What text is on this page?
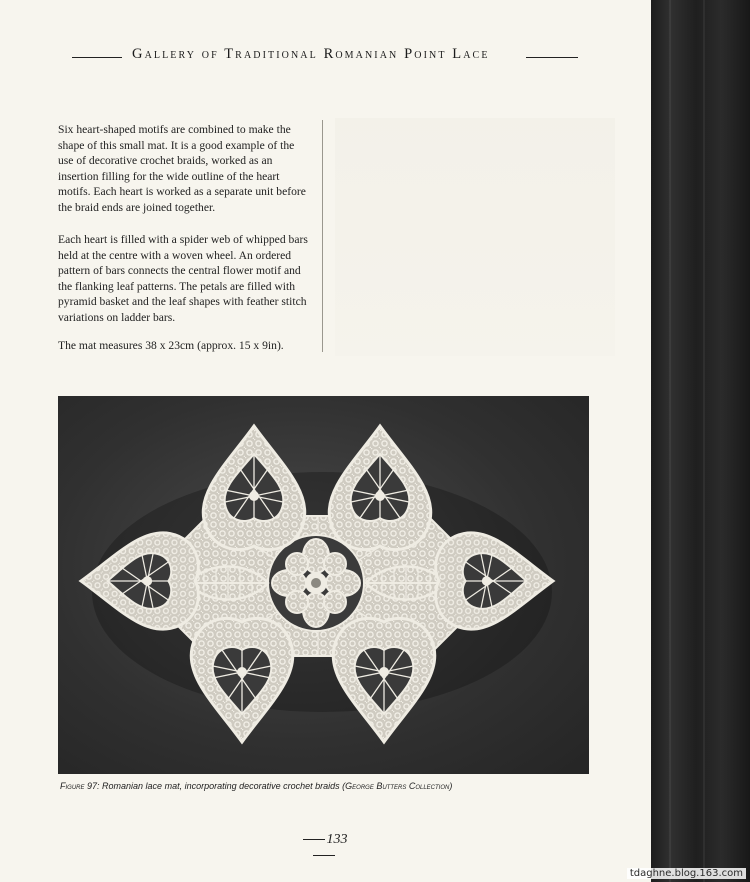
Gallery of Traditional Romanian Point Lace
Six heart-shaped motifs are combined to make the shape of this small mat. It is a good example of the use of decorative crochet braids, worked as an insertion filling for the wide outline of the heart motifs. Each heart is worked as a separate unit before the braid ends are joined together.
Each heart is filled with a spider web of whipped bars held at the centre with a woven wheel. An ordered pattern of bars connects the central flower motif and the flanking leaf patterns. The petals are filled with pyramid basket and the leaf shapes with feather stitch variations on ladder bars.
The mat measures 38 x 23cm (approx. 15 x 9in).
Figure 97: Romanian lace mat, incorporating decorative crochet braids (George Butters Collection)
133
tdaghne.blog.163.com
